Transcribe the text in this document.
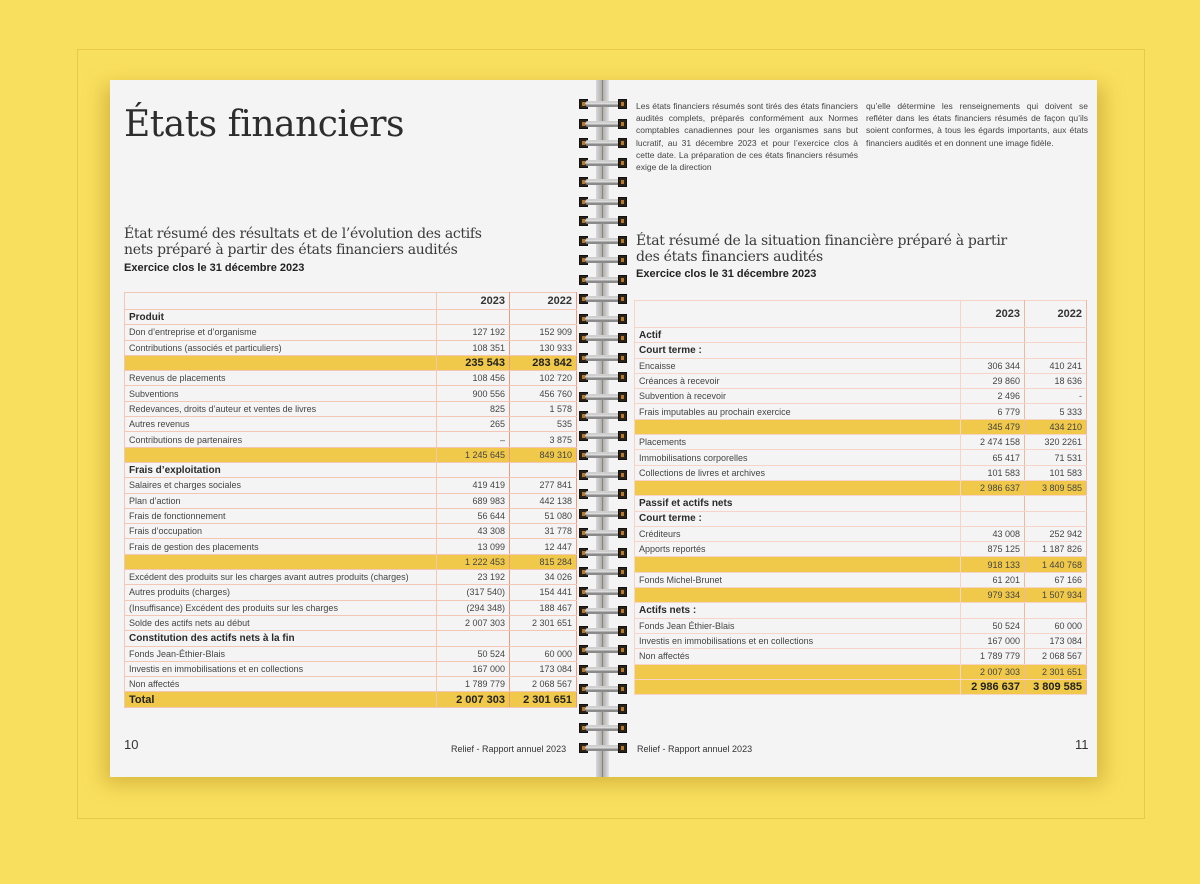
États financiers
État résumé des résultats et de l’évolution des actifs
nets préparé à partir des états financiers audités
Exercice clos le 31 décembre 2023
	2023	2022
Produit		
Don d’entreprise et d’organisme	127 192	152 909
Contributions (associés et particuliers)	108 351	130 933
	235 543	283 842
Revenus de placements	108 456	102 720
Subventions	900 556	456 760
Redevances, droits d’auteur et ventes de livres	825	1 578
Autres revenus	265	535
Contributions de partenaires	–	3 875
	1 245 645	849 310
Frais d’exploitation		
Salaires et charges sociales	419 419	277 841
Plan d’action	689 983	442 138
Frais de fonctionnement	56 644	51 080
Frais d’occupation	43 308	31 778
Frais de gestion des placements	13 099	12 447
	1 222 453	815 284
Excédent des produits sur les charges avant autres produits (charges)	23 192	34 026
Autres produits (charges)	(317 540)	154 441
(Insuffisance) Excédent des produits sur les charges	(294 348)	188 467
Solde des actifs nets au début	2 007 303	2 301 651
Constitution des actifs nets à la fin		
Fonds Jean-Éthier-Blais	50 524	60 000
Investis en immobilisations et en collections	167 000	173 084
Non affectés	1 789 779	2 068 567
Total	2 007 303	2 301 651
10	Relief - Rapport annuel 2023
Les états financiers résumés sont tirés des états financiers audités complets, préparés conformément aux Normes comptables canadiennes pour les organismes sans but lucratif, au 31 décembre 2023 et pour l’exercice clos à cette date. La préparation de ces états financiers résumés exige de la direction
qu’elle détermine les renseignements qui doivent se refléter dans les états financiers résumés de façon qu’ils soient conformes, à tous les égards importants, aux états financiers audités et en donnent une image fidèle.
État résumé de la situation financière préparé à partir
des états financiers audités
Exercice clos le 31 décembre 2023
	2023	2022
Actif		
Court terme :		
Encaisse	306 344	410 241
Créances à recevoir	29 860	18 636
Subvention à recevoir	2 496	-
Frais imputables au prochain exercice	6 779	5 333
	345 479	434 210
Placements	2 474 158	320 2261
Immobilisations corporelles	65 417	71 531
Collections de livres et archives	101 583	101 583
	2 986 637	3 809 585
Passif et actifs nets		
Court terme :		
Créditeurs	43 008	252 942
Apports reportés	875 125	1 187 826
	918 133	1 440 768
Fonds Michel-Brunet	61 201	67 166
	979 334	1 507 934
Actifs nets :		
Fonds Jean Éthier-Blais	50 524	60 000
Investis en immobilisations et en collections	167 000	173 084
Non affectés	1 789 779	2 068 567
	2 007 303	2 301 651
	2 986 637	3 809 585
Relief - Rapport annuel 2023	11
